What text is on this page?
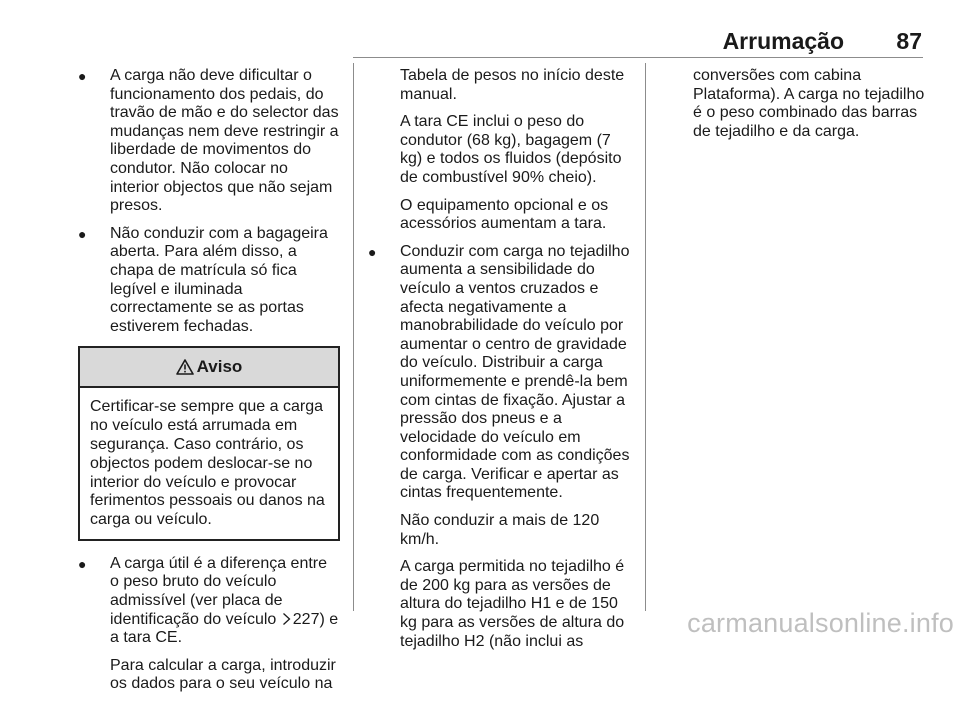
Arrumação 87
●	A carga não deve dificultar o funcionamento dos pedais, do travão de mão e do selector das mudanças nem deve restringir a liberdade de movimentos do condutor. Não colocar no interior objectos que não sejam presos.

●	Não conduzir com a bagageira aberta. Para além disso, a chapa de matrícula só fica legível e iluminada correctamente se as portas estiverem fechadas.

Aviso
Certificar-se sempre que a carga no veículo está arrumada em segurança. Caso contrário, os objectos podem deslocar-se no interior do veículo e provocar ferimentos pessoais ou danos na carga ou veículo.
●	A carga útil é a diferença entre o peso bruto do veículo admissível (ver placa de identificação do veículo 227) e a tara CE.

Para calcular a carga, introduzir os dados para o seu veículo na

Tabela de pesos no início deste manual.

A tara CE inclui o peso do condutor (68 kg), bagagem (7 kg) e todos os fluidos (depósito de combustível 90% cheio).

O equipamento opcional e os acessórios aumentam a tara.

●	Conduzir com carga no tejadilho aumenta a sensibilidade do veículo a ventos cruzados e afecta negativamente a manobrabilidade do veículo por aumentar o centro de gravidade do veículo. Distribuir a carga uniformemente e prendê-la bem com cintas de fixação. Ajustar a pressão dos pneus e a velocidade do veículo em conformidade com as condições de carga. Verificar e apertar as cintas frequentemente.

Não conduzir a mais de 120 km/h.

A carga permitida no tejadilho é de 200 kg para as versões de altura do tejadilho H1 e de 150 kg para as versões de altura do tejadilho H2 (não inclui as

conversões com cabina Plataforma). A carga no tejadilho é o peso combinado das barras de tejadilho e da carga.

carmanualsonline.info
